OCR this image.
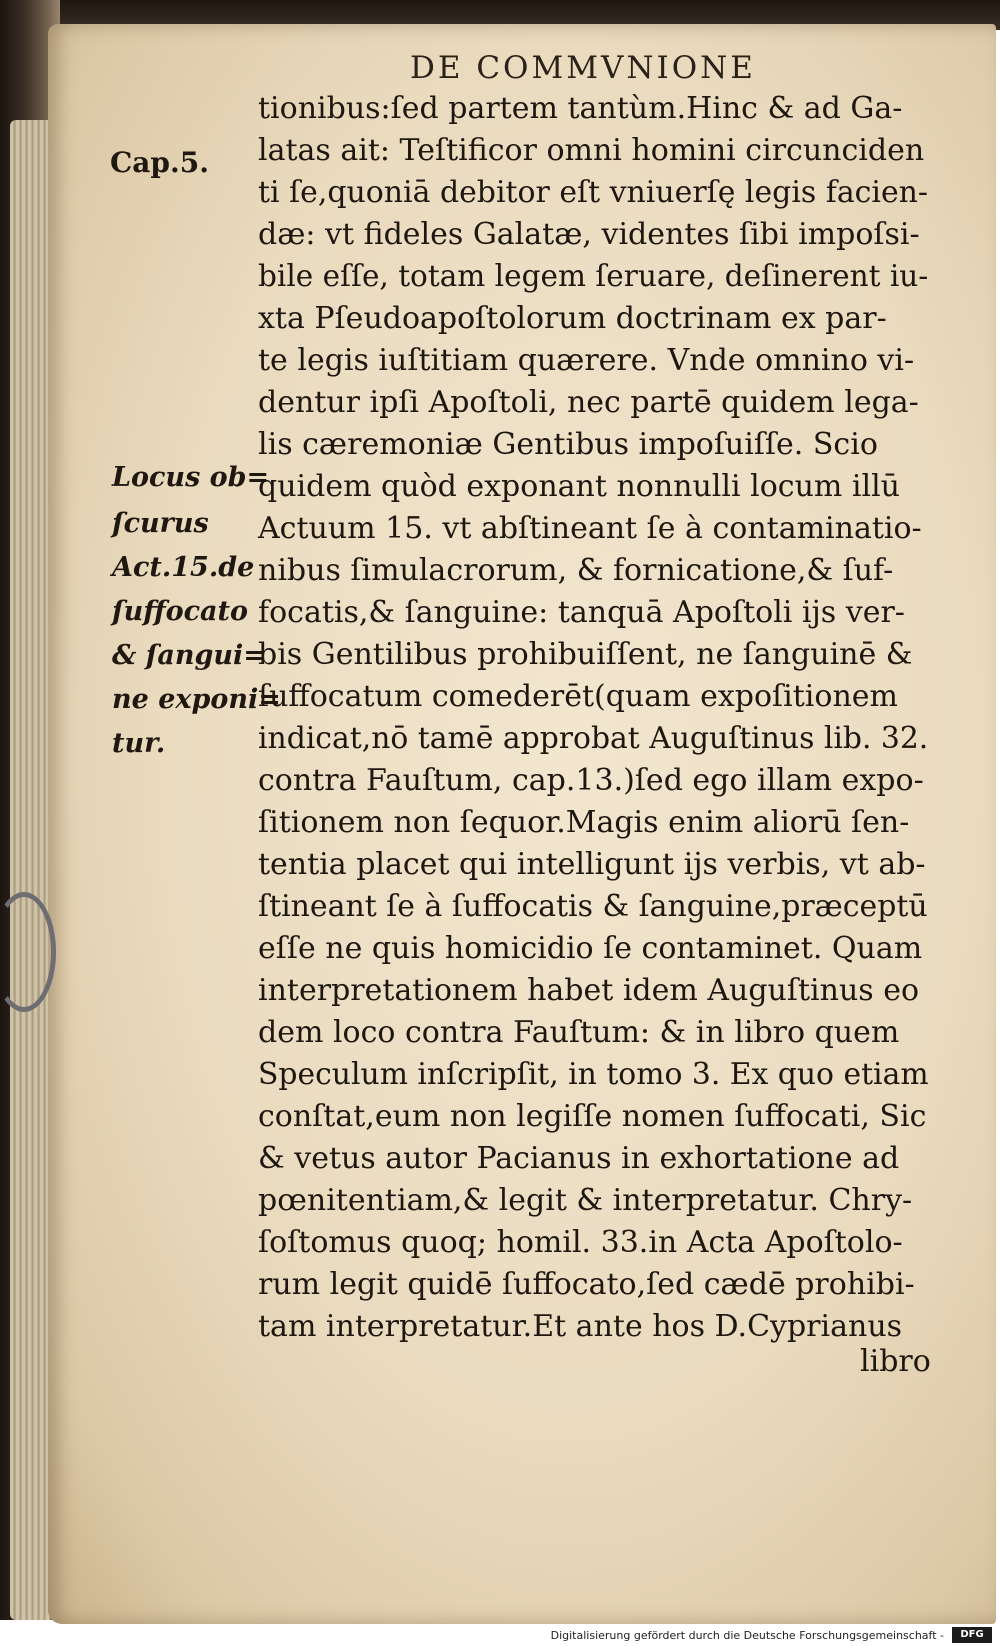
DE COMMVNIONE
Cap.5.
Locus ob=
ſcurus
Act.15.de
ſuffocato
& ſangui=
ne exponi=
tur.
tionibus:ſed partem tantùm.Hinc & ad Ga-
latas ait: Teſtificor omni homini circunciden
ti ſe,quoniā debitor eſt vniuerſę legis facien-
dæ: vt fideles Galatæ, videntes ſibi impoſsi-
bile eſſe, totam legem ſeruare, deſinerent iu-
xta Pſeudoapoſtolorum doctrinam ex par-
te legis iuſtitiam quærere. Vnde omnino vi-
dentur ipſi Apoſtoli, nec partē quidem lega-
lis cæremoniæ Gentibus impoſuiſſe. Scio
quidem quòd exponant nonnulli locum illū
Actuum 15. vt abſtineant ſe à contaminatio-
nibus ſimulacrorum, & fornicatione,& ſuf-
focatis,& ſanguine: tanquā Apoſtoli ijs ver-
bis Gentilibus prohibuiſſent, ne ſanguinē &
ſuffocatum comederēt(quam expoſitionem
indicat,nō tamē approbat Auguſtinus lib. 32.
contra Fauſtum, cap.13.)ſed ego illam expo-
ſitionem non ſequor.Magis enim aliorū ſen-
tentia placet qui intelligunt ijs verbis, vt ab-
ſtineant ſe à ſuffocatis & ſanguine,præceptū
eſſe ne quis homicidio ſe contaminet. Quam
interpretationem habet idem Auguſtinus eo
dem loco contra Fauſtum: & in libro quem
Speculum inſcripſit, in tomo 3. Ex quo etiam
conſtat,eum non legiſſe nomen ſuffocati, Sic
& vetus autor Pacianus in exhortatione ad
pœnitentiam,& legit & interpretatur. Chry-
ſoſtomus quoq; homil. 33.in Acta Apoſtolo-
rum legit quidē ſuffocato,ſed cædē prohibi-
tam interpretatur.Et ante hos D.Cyprianus
libro
Digitalisierung gefördert durch die Deutsche Forschungsgemeinschaft -	DFG
